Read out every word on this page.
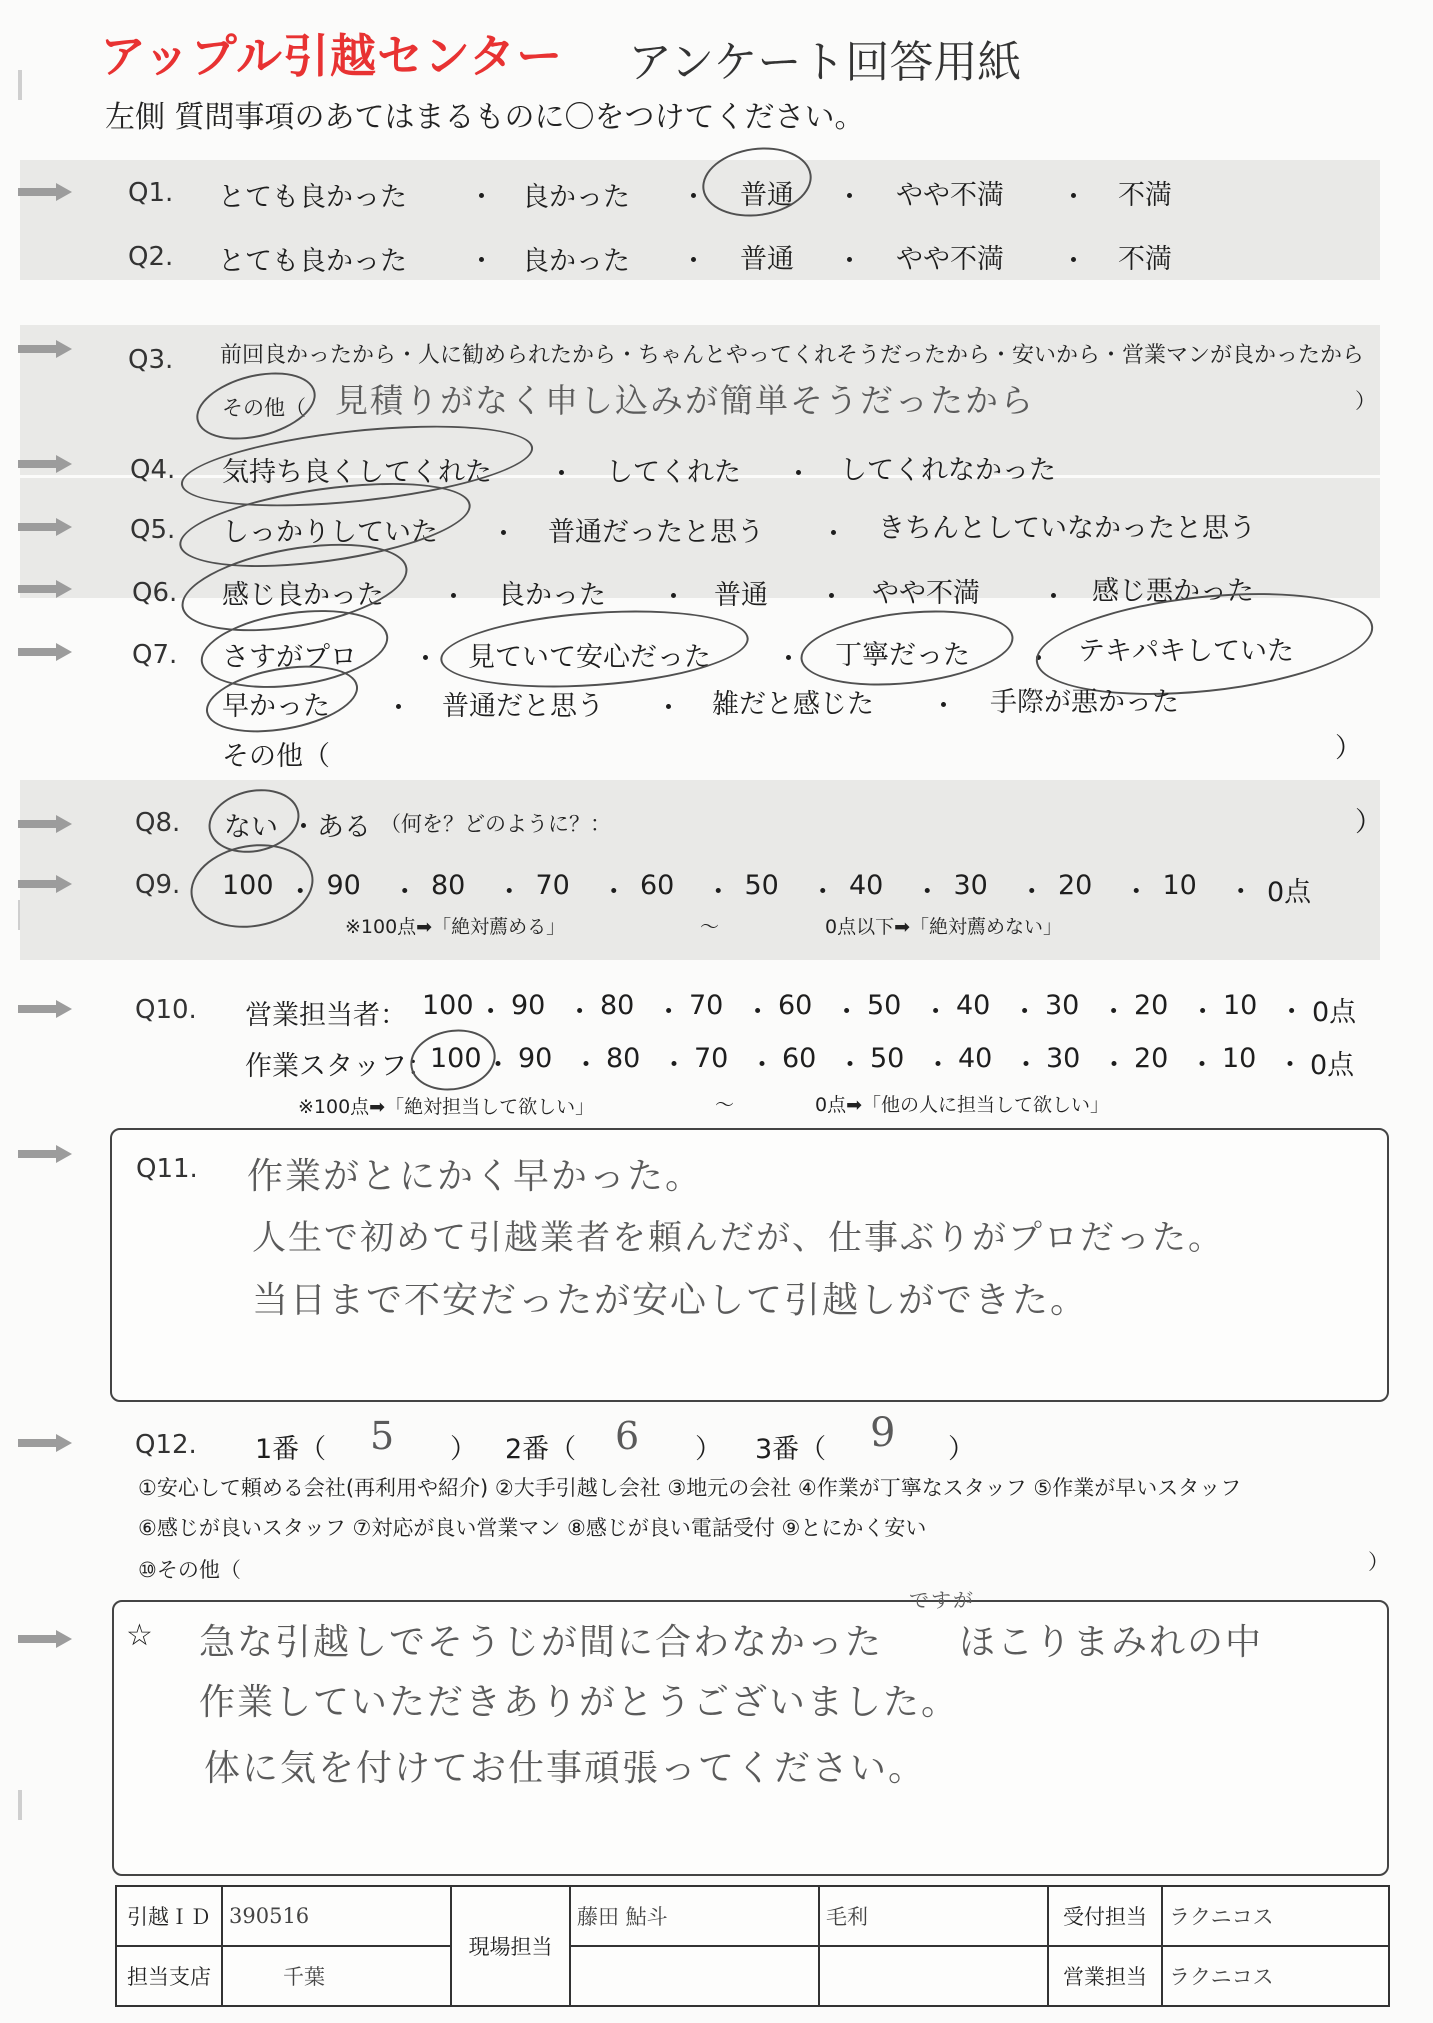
アップル引越センター アンケート回答用紙
左側 質問事項のあてはまるものに〇をつけてください。
Q1. とても良かった ・ 良かった ・ 普通 ・ やや不満 ・ 不満
Q2. とても良かった ・ 良かった ・ 普通 ・ やや不満 ・ 不満
Q3. 前回良かったから・人に勧められたから・ちゃんとやってくれそうだったから・安いから・営業マンが良かったから
その他（ 見積りがなく申し込みが簡単そうだったから	）
Q4. 気持ち良くしてくれた ・ してくれた ・ してくれなかった
Q5. しっかりしていた ・ 普通だったと思う ・ きちんとしていなかったと思う
Q6. 感じ良かった ・ 良かった ・ 普通 ・ やや不満 ・ 感じ悪かった
Q7. さすがプロ ・ 見ていて安心だった ・ 丁寧だった ・ テキパキしていた
早かった ・ 普通だと思う ・ 雑だと感じた ・ 手際が悪かった
その他（	）
Q8. ない ・ある （何を？どのように？：	）
Q9.
※100点➡「絶対薦める」	〜	0点以下➡「絶対薦めない」
Q10. 営業担当者：
作業スタッフ：
※100点➡「絶対担当して欲しい」	〜	0点➡「他の人に担当して欲しい」
Q11. 作業がとにかく早かった。
人生で初めて引越業者を頼んだが、仕事ぶりがプロだった。
当日まで不安だったが安心して引越しができた。
Q12. 1番（ 5 ） 2番（ 6 ） 3番（ 9 ）
①安心して頼める会社(再利用や紹介) ②大手引越し会社 ③地元の会社 ④作業が丁寧なスタッフ ⑤作業が早いスタッフ
⑥感じが良いスタッフ ⑦対応が良い営業マン ⑧感じが良い電話受付 ⑨とにかく安い
⑩その他（	）
☆
ですが
急な引越しでそうじが間に合わなかった　　ほこりまみれの中
作業していただきありがとうございました。
体に気を付けてお仕事頑張ってください。
引越ＩＤ	390516	現場担当	藤田 鮎斗	毛利	受付担当	ラクニコス
担当支店	千葉				営業担当	ラクニコス
100 ・ 90 ・ 80 ・ 70 ・ 60 ・ 50 ・ 40 ・ 30 ・ 20 ・ 10 ・ 0点
100 ・ 90 ・ 80 ・ 70 ・ 60 ・ 50 ・ 40 ・ 30 ・ 20 ・ 10 ・ 0点
100 ・ 90 ・ 80 ・ 70 ・ 60 ・ 50 ・ 40 ・ 30 ・ 20 ・ 10 ・ 0点
